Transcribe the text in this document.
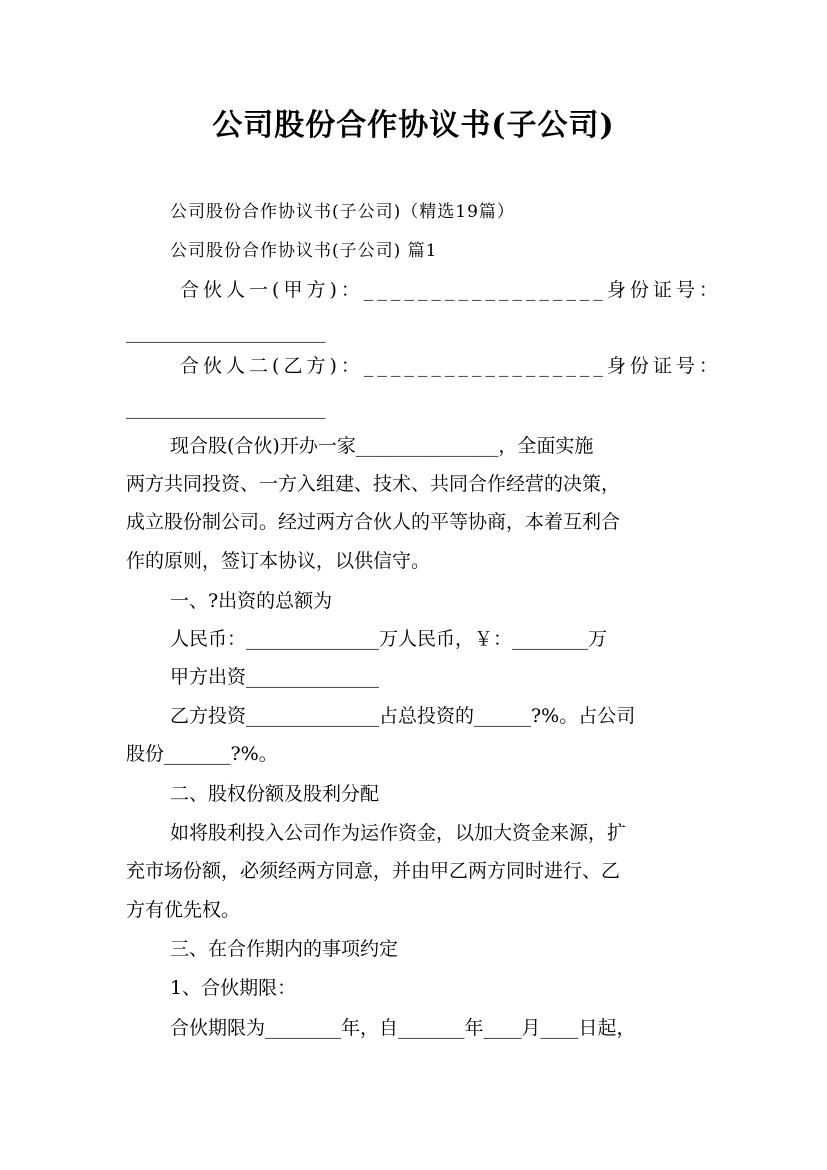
公司股份合作协议书(子公司)
公司股份合作协议书(子公司)（精选19篇）
公司股份合作协议书(子公司) 篇1
合伙人一(甲方)：__________________身份证号：
_____________________
合伙人二(乙方)：__________________身份证号：
_____________________
现合股(合伙)开办一家_______________，全面实施
两方共同投资、一方入组建、技术、共同合作经营的决策，
成立股份制公司。经过两方合伙人的平等协商，本着互利合
作的原则，签订本协议，以供信守。
一、?出资的总额为
人民币：______________万人民币，￥：________万
甲方出资______________
乙方投资______________占总投资的______?%。占公司
股份_______?%。
二、股权份额及股利分配
如将股利投入公司作为运作资金，以加大资金来源，扩
充市场份额，必须经两方同意，并由甲乙两方同时进行、乙
方有优先权。
三、在合作期内的事项约定
1、合伙期限：
合伙期限为________年，自_______年____月____日起，
